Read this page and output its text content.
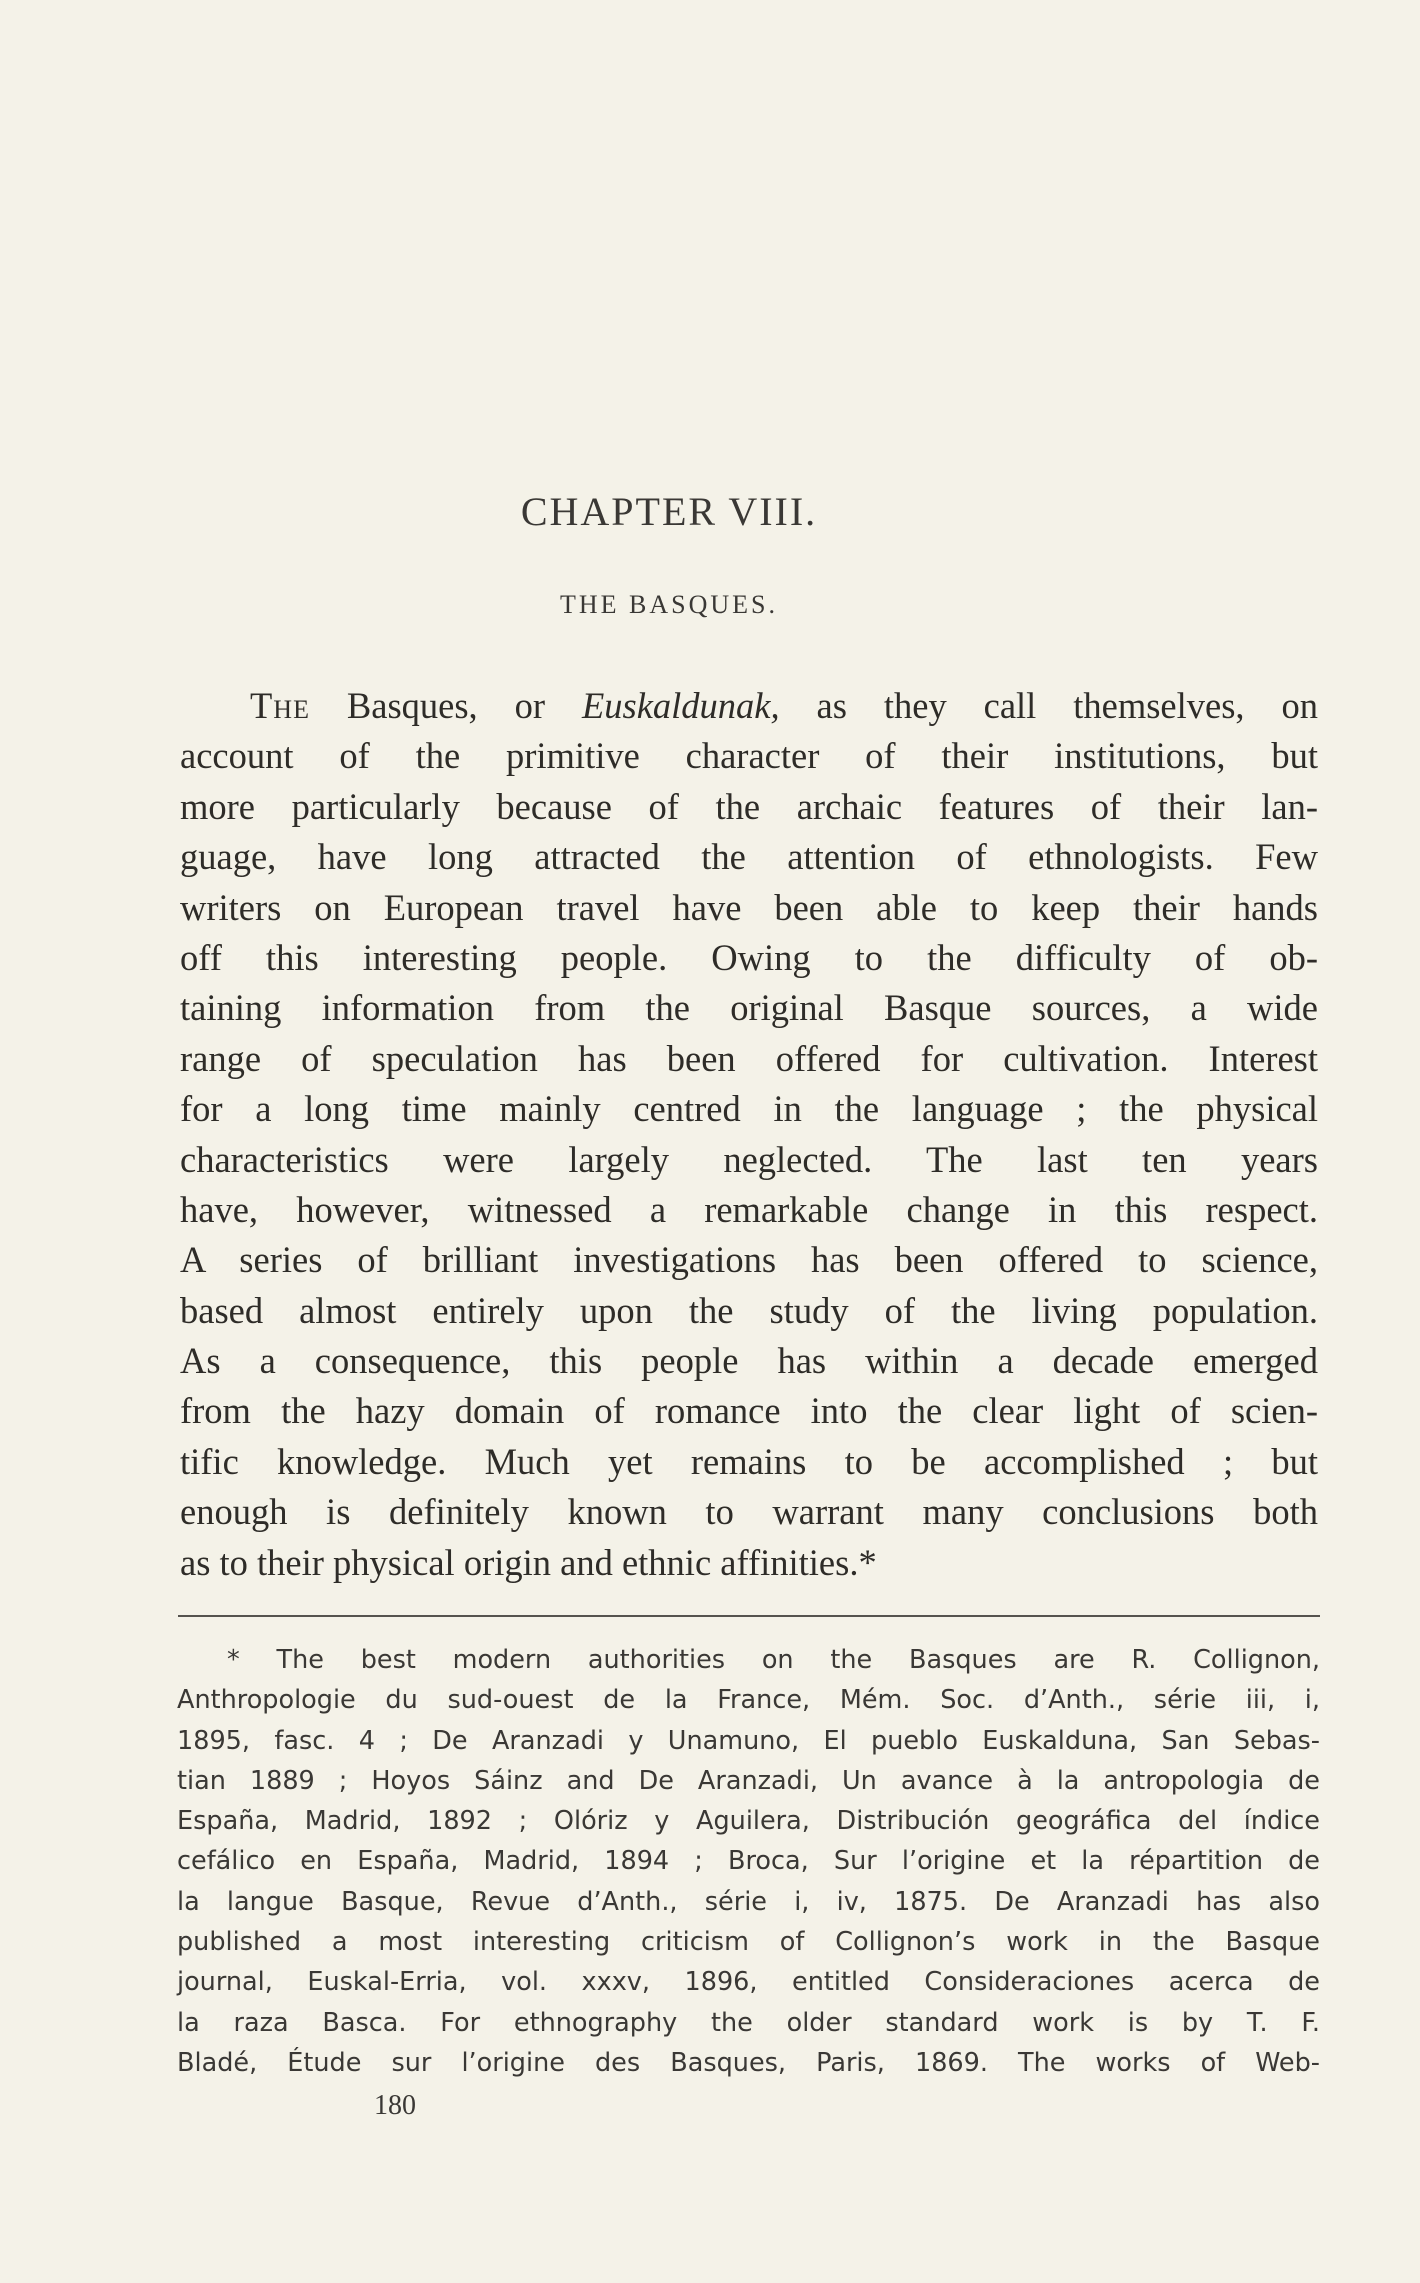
CHAPTER VIII.
THE BASQUES.
The Basques, or Euskaldunak, as they call themselves, on
account of the primitive character of their institutions, but
more particularly because of the archaic features of their lan-
guage, have long attracted the attention of ethnologists. Few
writers on European travel have been able to keep their hands
off this interesting people. Owing to the difficulty of ob-
taining information from the original Basque sources, a wide
range of speculation has been offered for cultivation. Interest
for a long time mainly centred in the language ; the physical
characteristics were largely neglected. The last ten years
have, however, witnessed a remarkable change in this respect.
A series of brilliant investigations has been offered to science,
based almost entirely upon the study of the living population.
As a consequence, this people has within a decade emerged
from the hazy domain of romance into the clear light of scien-
tific knowledge. Much yet remains to be accomplished ; but
enough is definitely known to warrant many conclusions both
as to their physical origin and ethnic affinities.*
* The best modern authorities on the Basques are R. Collignon,
Anthropologie du sud-ouest de la France, Mém. Soc. d’Anth., série iii, i,
1895, fasc. 4 ; De Aranzadi y Unamuno, El pueblo Euskalduna, San Sebas-
tian 1889 ; Hoyos Sáinz and De Aranzadi, Un avance à la antropologia de
España, Madrid, 1892 ; Olóriz y Aguilera, Distribución geográfica del índice
cefálico en España, Madrid, 1894 ; Broca, Sur l’origine et la répartition de
la langue Basque, Revue d’Anth., série i, iv, 1875. De Aranzadi has also
published a most interesting criticism of Collignon’s work in the Basque
journal, Euskal-Erria, vol. xxxv, 1896, entitled Consideraciones acerca de
la raza Basca. For ethnography the older standard work is by T. F.
Bladé, Étude sur l’origine des Basques, Paris, 1869. The works of Web-
180
